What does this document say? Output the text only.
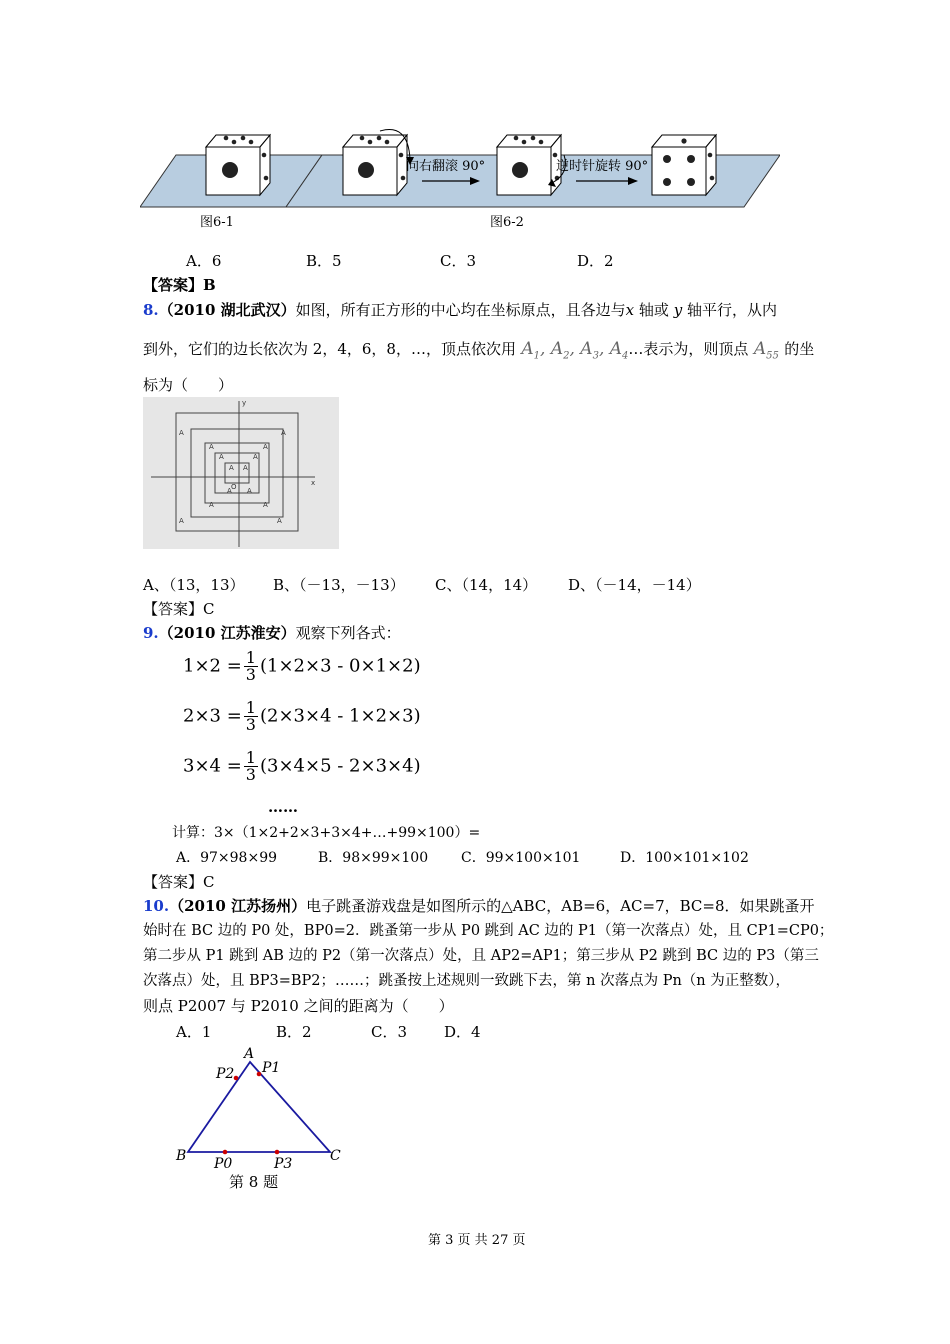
向右翻滚 90°	逆时针旋转 90°
图6-1	图6-2
A．6	B．5	C．3	D．2
【答案】B
8.（2010 湖北武汉）如图，所有正方形的中心均在坐标原点，且各边与x 轴或 y 轴平行，从内
到外，它们的边长依次为 2，4，6，8，…，顶点依次用 $A_1$, $A_2$, $A_3$, $A_4\dots$表示为，则顶点 $A_{55}$ 的坐
标为（　　）
A	A
A	A
A	A
A A
O
A A
A	A
A	A
x
y
A、（13，13） B、（－13，－13） C、（14，14） D、（－14，－14）
【答案】C
9.（2010 江苏淮安）观察下列各式：
$1\times 2 = \frac{1}{3} (1\times 2\times 3 - 0\times 1\times 2)$
$2\times 3 = \frac{1}{3} (2\times 3\times 4 - 1\times 2\times 3)$
$3\times 4 = \frac{1}{3} (3\times 4\times 5 - 2\times 3\times 4)$
……
计算：3×（1×2+2×3+3×4+…+99×100）=
A．97×98×99	B．98×99×100 C．99×100×101	D．100×101×102
【答案】C
10.（2010 江苏扬州）电子跳蚤游戏盘是如图所示的△ABC，AB=6，AC=7，BC=8．如果跳蚤开
始时在 BC 边的 P0 处，BP0=2．跳蚤第一步从 P0 跳到 AC 边的 P1（第一次落点）处，且 CP1=CP0；
第二步从 P1 跳到 AB 边的 P2（第一次落点）处，且 AP2=AP1；第三步从 P2 跳到 BC 边的 P3（第三
次落点）处，且 BP3=BP2；……；跳蚤按上述规则一致跳下去，第 n 次落点为 Pn（n 为正整数），
则点 P2007 与 P2010 之间的距离为（　　）
A．1	B．2	C．3 D．4
A
B	C
P2 P1
P0	P3
第 8 题
第 3 页 共 27 页
